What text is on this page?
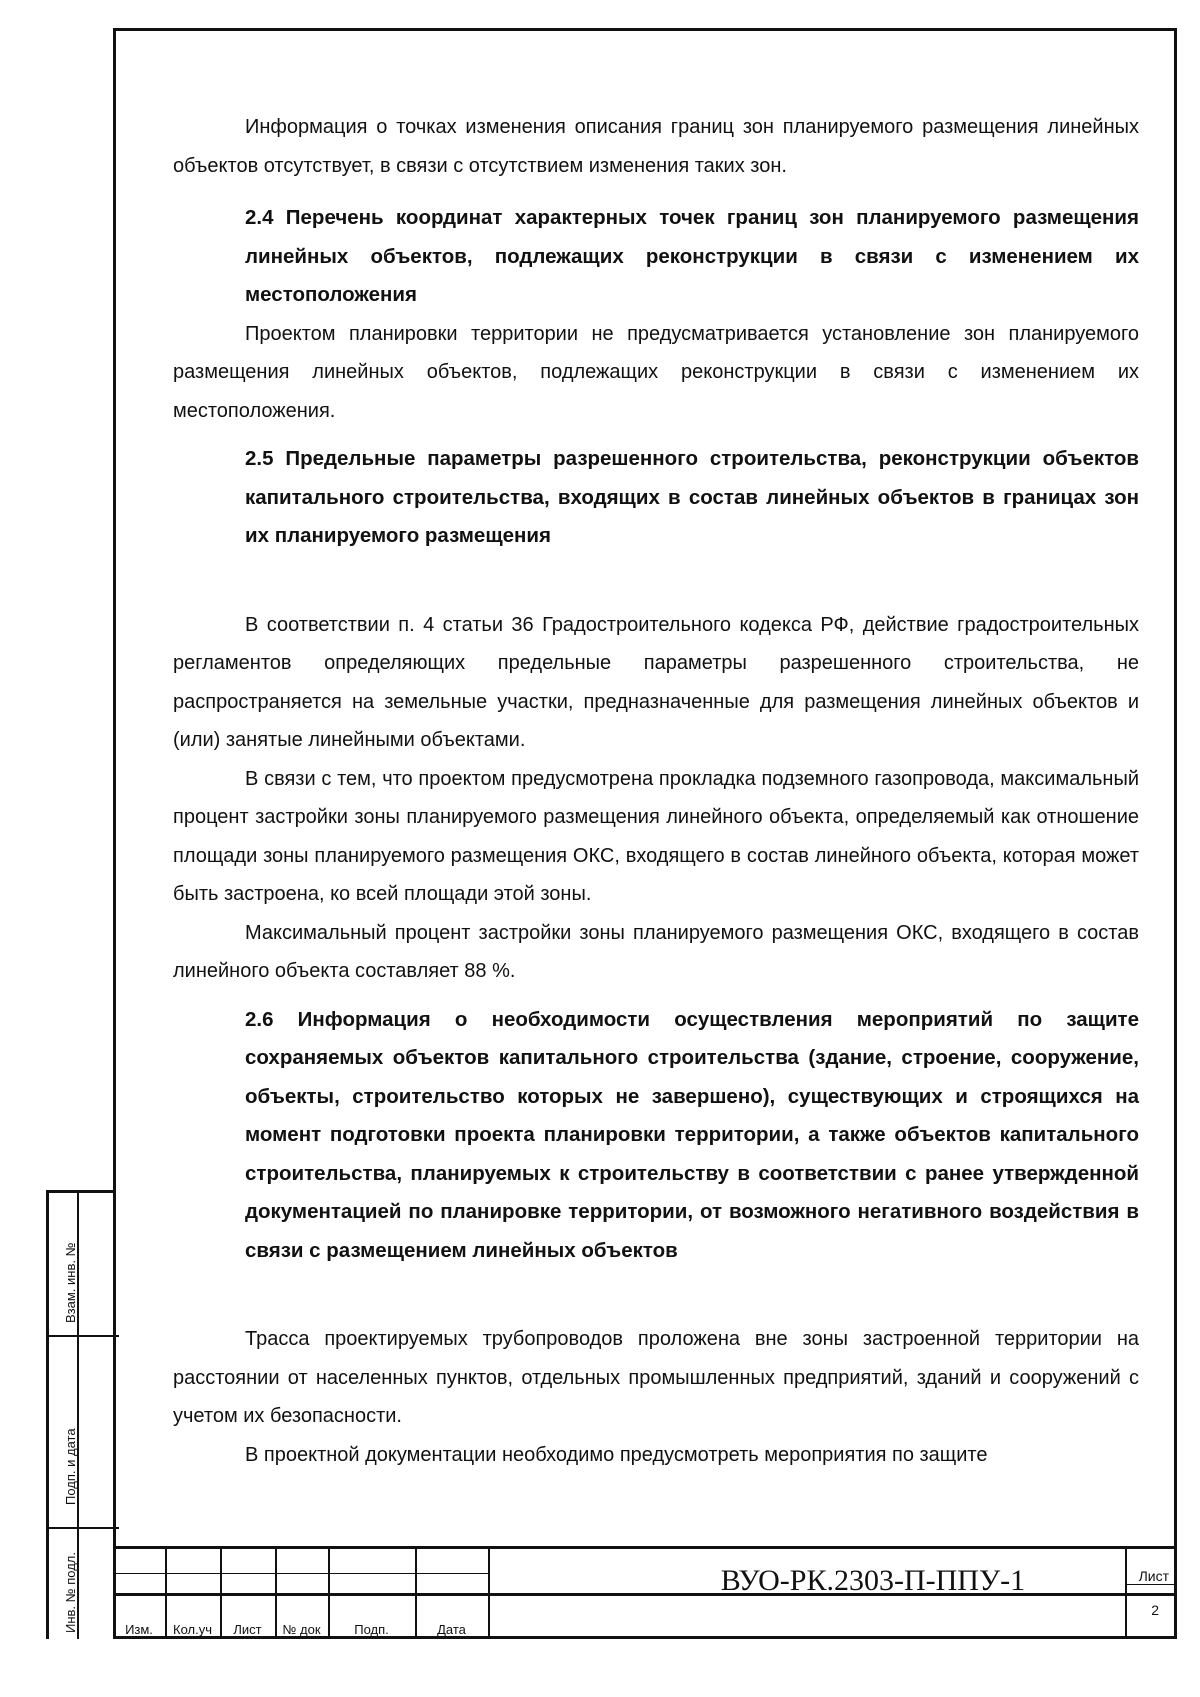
Информация о точках изменения описания границ зон планируемого размещения линейных объектов отсутствует, в связи с отсутствием изменения таких зон.

2.4 Перечень координат характерных точек границ зон планируемого размещения линейных объектов, подлежащих реконструкции в связи с изменением их местоположения

Проектом планировки территории не предусматривается установление зон планируемого размещения линейных объектов, подлежащих реконструкции в связи с изменением их местоположения.

2.5 Предельные параметры разрешенного строительства, реконструкции объектов капитального строительства, входящих в состав линейных объектов в границах зон их планируемого размещения

В соответствии п. 4 статьи 36 Градостроительного кодекса РФ, действие градостроительных регламентов определяющих предельные параметры разрешенного строительства, не распространяется на земельные участки, предназначенные для размещения линейных объектов и (или) занятые линейными объектами.

В связи с тем, что проектом предусмотрена прокладка подземного газопровода, максимальный процент застройки зоны планируемого размещения линейного объекта, определяемый как отношение площади зоны планируемого размещения ОКС, входящего в состав линейного объекта, которая может быть застроена, ко всей площади этой зоны.

Максимальный процент застройки зоны планируемого размещения ОКС, входящего в состав линейного объекта составляет 88 %.

2.6 Информация о необходимости осуществления мероприятий по защите сохраняемых объектов капитального строительства (здание, строение, сооружение, объекты, строительство которых не завершено), существующих и строящихся на момент подготовки проекта планировки территории, а также объектов капитального строительства, планируемых к строительству в соответствии с ранее утвержденной документацией по планировке территории, от возможного негативного воздействия в связи с размещением линейных объектов

Трасса проектируемых трубопроводов проложена вне зоны застроенной территории на расстоянии от населенных пунктов, отдельных промышленных предприятий, зданий и сооружений с учетом их безопасности.

В проектной документации необходимо предусмотреть мероприятия по защите

Взам. инв. №
Подп. и дата
Инв. № подл.	Изм.	Кол.уч	Лист	№ док	Подп.	Дата
ВУО-РК.2303-П-ППУ-1	Лист
2
